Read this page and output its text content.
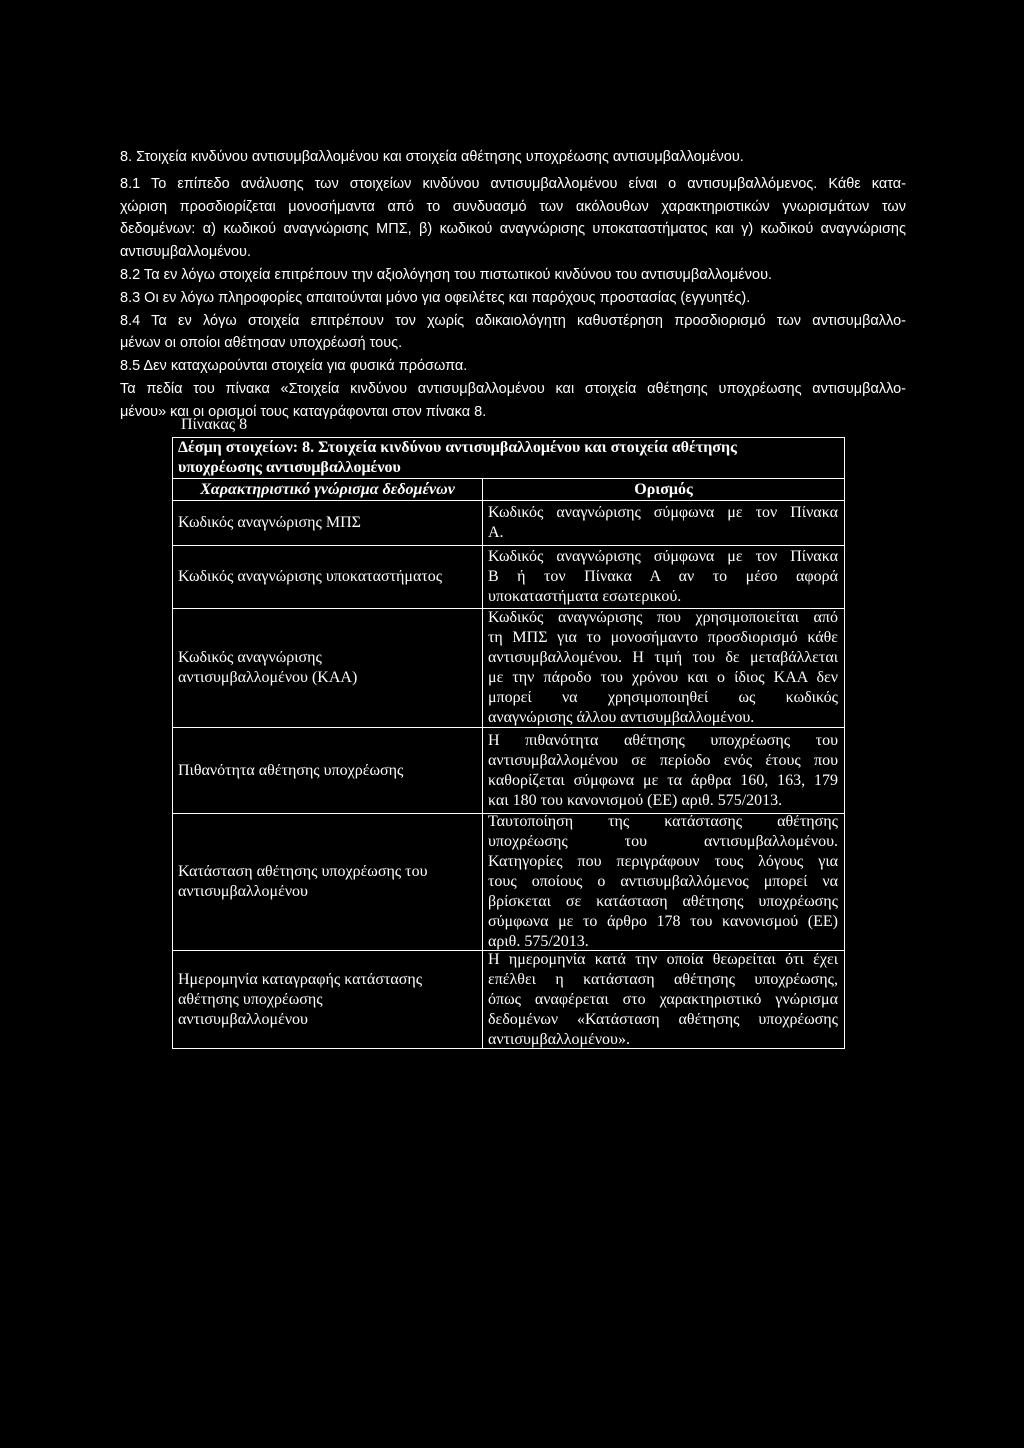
8. Στοιχεία κινδύνου αντισυμβαλλομένου και στοιχεία αθέτησης υποχρέωσης αντισυμβαλλομένου.
8.1 Το επίπεδο ανάλυσης των στοιχείων κινδύνου αντισυμβαλλομένου είναι ο αντισυμβαλλόμενος. Κάθε κατα-
χώριση προσδιορίζεται μονοσήμαντα από το συνδυασμό των ακόλουθων χαρακτηριστικών γνωρισμάτων των
δεδομένων: α) κωδικού αναγνώρισης ΜΠΣ, β) κωδικού αναγνώρισης υποκαταστήματος και γ) κωδικού αναγνώρισης
αντισυμβαλλομένου.
8.2 Τα εν λόγω στοιχεία επιτρέπουν την αξιολόγηση του πιστωτικού κινδύνου του αντισυμβαλλομένου.
8.3 Οι εν λόγω πληροφορίες απαιτούνται μόνο για οφειλέτες και παρόχους προστασίας (εγγυητές).
8.4 Τα εν λόγω στοιχεία επιτρέπουν τον χωρίς αδικαιολόγητη καθυστέρηση προσδιορισμό των αντισυμβαλλο-
μένων οι οποίοι αθέτησαν υποχρέωσή τους.
8.5 Δεν καταχωρούνται στοιχεία για φυσικά πρόσωπα.
Τα πεδία του πίνακα «Στοιχεία κινδύνου αντισυμβαλλομένου και στοιχεία αθέτησης υποχρέωσης αντισυμβαλλο-
μένου» και οι ορισμοί τους καταγράφονται στον πίνακα 8.
Πίνακας 8
Δέσμη στοιχείων: 8. Στοιχεία κινδύνου αντισυμβαλλομένου και στοιχεία αθέτησης
υποχρέωσης αντισυμβαλλομένου
Χαρακτηριστικό γνώρισμα δεδομένων	Ορισμός
Κωδικός αναγνώρισης ΜΠΣ
Κωδικός αναγνώρισης σύμφωνα με τον Πίνακα
Α.
Κωδικός αναγνώρισης υποκαταστήματος
Κωδικός αναγνώρισης σύμφωνα με τον Πίνακα
Β ή τον Πίνακα Α αν το μέσο αφορά
υποκαταστήματα εσωτερικού.
Κωδικός αναγνώρισης
αντισυμβαλλομένου (ΚΑΑ)
Κωδικός αναγνώρισης που χρησιμοποιείται από
τη ΜΠΣ για το μονοσήμαντο προσδιορισμό κάθε
αντισυμβαλλομένου. Η τιμή του δε μεταβάλλεται
με την πάροδο του χρόνου και ο ίδιος ΚΑΑ δεν
μπορεί να χρησιμοποιηθεί ως κωδικός
αναγνώρισης άλλου αντισυμβαλλομένου.
Πιθανότητα αθέτησης υποχρέωσης
Η πιθανότητα αθέτησης υποχρέωσης του
αντισυμβαλλομένου σε περίοδο ενός έτους που
καθορίζεται σύμφωνα με τα άρθρα 160, 163, 179
και 180 του κανονισμού (ΕΕ) αριθ. 575/2013.
Κατάσταση αθέτησης υποχρέωσης του
αντισυμβαλλομένου
Ταυτοποίηση της κατάστασης αθέτησης
υποχρέωσης του αντισυμβαλλομένου.
Κατηγορίες που περιγράφουν τους λόγους για
τους οποίους ο αντισυμβαλλόμενος μπορεί να
βρίσκεται σε κατάσταση αθέτησης υποχρέωσης
σύμφωνα με το άρθρο 178 του κανονισμού (ΕΕ)
αριθ. 575/2013.
Ημερομηνία καταγραφής κατάστασης
αθέτησης υποχρέωσης
αντισυμβαλλομένου
Η ημερομηνία κατά την οποία θεωρείται ότι έχει
επέλθει η κατάσταση αθέτησης υποχρέωσης,
όπως αναφέρεται στο χαρακτηριστικό γνώρισμα
δεδομένων «Κατάσταση αθέτησης υποχρέωσης
αντισυμβαλλομένου».
